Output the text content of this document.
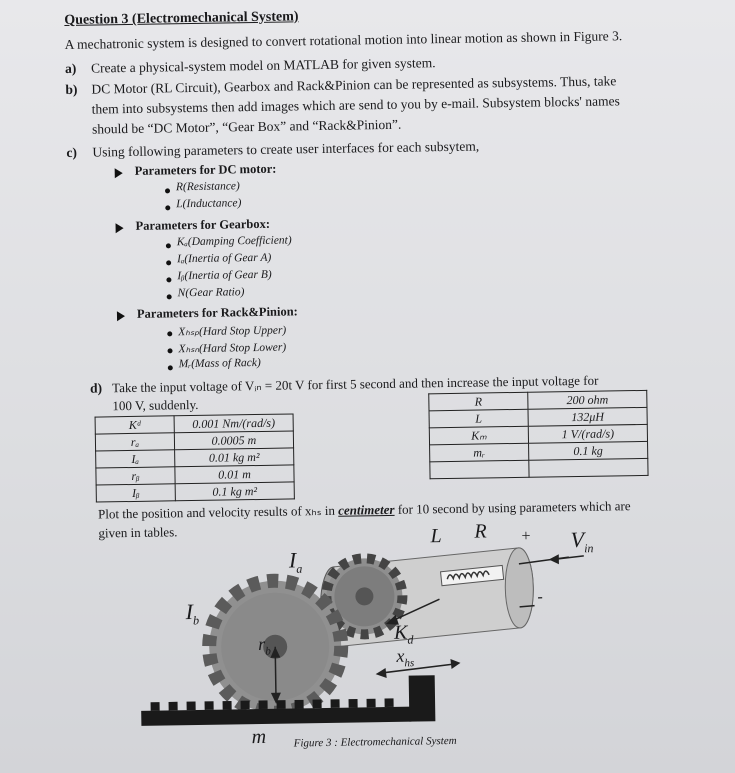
Question 3 (Electromechanical System)
A mechatronic system is designed to convert rotational motion into linear motion as shown in Figure 3.
a) Create a physical-system model on MATLAB for given system.
b) DC Motor (RL Circuit), Gearbox and Rack&Pinion can be represented as subsystems. Thus, take
them into subsystems then add images which are send to you by e-mail. Subsystem blocks' names
should be “DC Motor”, “Gear Box” and “Rack&Pinion”.
c) Using following parameters to create user interfaces for each subsytem,
Parameters for DC motor:
R(Resistance)
L(Inductance)
Parameters for Gearbox:
Kₐ(Damping Coefficient)
Iₐ(Inertia of Gear A)
Iᵦ(Inertia of Gear B)
N(Gear Ratio)
Parameters for Rack&Pinion:
Xₕₛₚ(Hard Stop Upper)
Xₕₛₙ(Hard Stop Lower)
Mᵣ(Mass of Rack)
d) Take the input voltage of Vᵢₙ = 20t V for first 5 second and then increase the input voltage for
100 V, suddenly.
Kᵈ	0.001 Nm/(rad/s)
rₐ	0.0005 m
Iₐ	0.01 kg m²
rᵦ	0.01 m
Iᵦ	0.1 kg m²
R	200 ohm
L	132μH
Kₘ	1 V/(rad/s)
mᵣ	0.1 kg

Plot the position and velocity results of xₕₛ in centimeter for 10 second by using parameters which are
given in tables.	L R +
-
$V_{in}$
$I_a$
$I_b$
$r_b$
$K_d$
$x_{hs}$
m Figure 3 : Electromechanical System
